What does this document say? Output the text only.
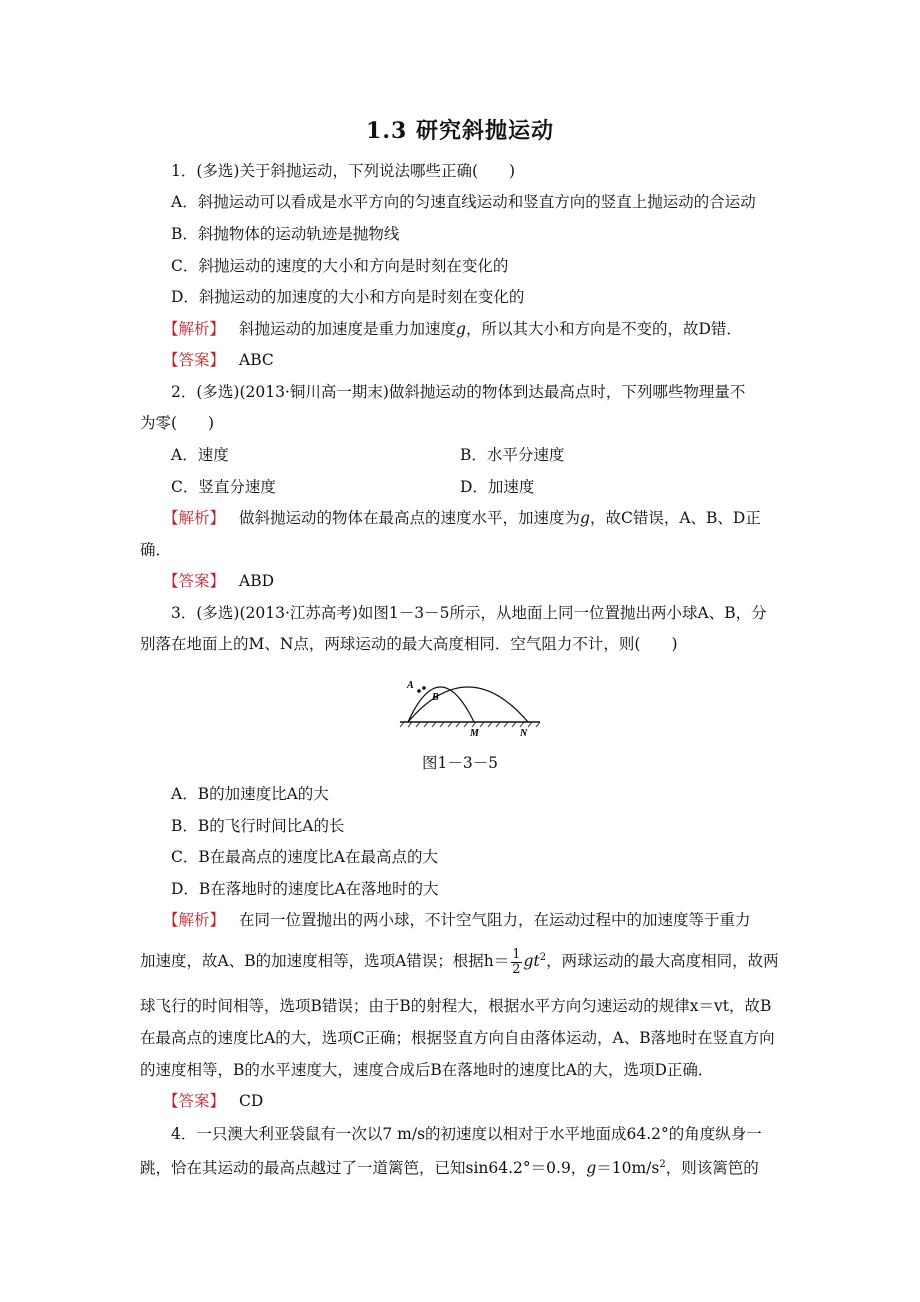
1.3 研究斜抛运动
1．(多选)关于斜抛运动，下列说法哪些正确(　　)
A．斜抛运动可以看成是水平方向的匀速直线运动和竖直方向的竖直上抛运动的合运动
B．斜抛物体的运动轨迹是抛物线
C．斜抛运动的速度的大小和方向是时刻在变化的
D．斜抛运动的加速度的大小和方向是时刻在变化的
【解析】 斜抛运动的加速度是重力加速度g，所以其大小和方向是不变的，故D错．
【答案】 ABC
2．(多选)(2013·铜川高一期末)做斜抛运动的物体到达最高点时，下列哪些物理量不
为零(　　)
A．速度	B．水平分速度
C．竖直分速度	D．加速度
【解析】 做斜抛运动的物体在最高点的速度水平，加速度为g，故C错误，A、B、D正
确．
【答案】 ABD
3．(多选)(2013·江苏高考)如图1－3－5所示，从地面上同一位置抛出两小球A、B，分
别落在地面上的M、N点，两球运动的最大高度相同．空气阻力不计，则(　　)
A
B
M	N
图1－3－5
A．B的加速度比A的大
B．B的飞行时间比A的长
C．B在最高点的速度比A在最高点的大
D．B在落地时的速度比A在落地时的大
【解析】 在同一位置抛出的两小球，不计空气阻力，在运动过程中的加速度等于重力
加速度，故A、B的加速度相等，选项A错误；根据$h= \frac{1}{2} gt^2$，两球运动的最大高度相同，故两
球飞行的时间相等，选项B错误；由于B的射程大，根据水平方向匀速运动的规律x＝vt，故B
在最高点的速度比A的大，选项C正确；根据竖直方向自由落体运动，A、B落地时在竖直方向
的速度相等，B的水平速度大，速度合成后B在落地时的速度比A的大，选项D正确．
【答案】 CD
4．一只澳大利亚袋鼠有一次以7 m/s的初速度以相对于水平地面成64.2°的角度纵身一
跳，恰在其运动的最高点越过了一道篱笆，已知sin64.2°＝0.9，$g=10m/s^2$，则该篱笆的
